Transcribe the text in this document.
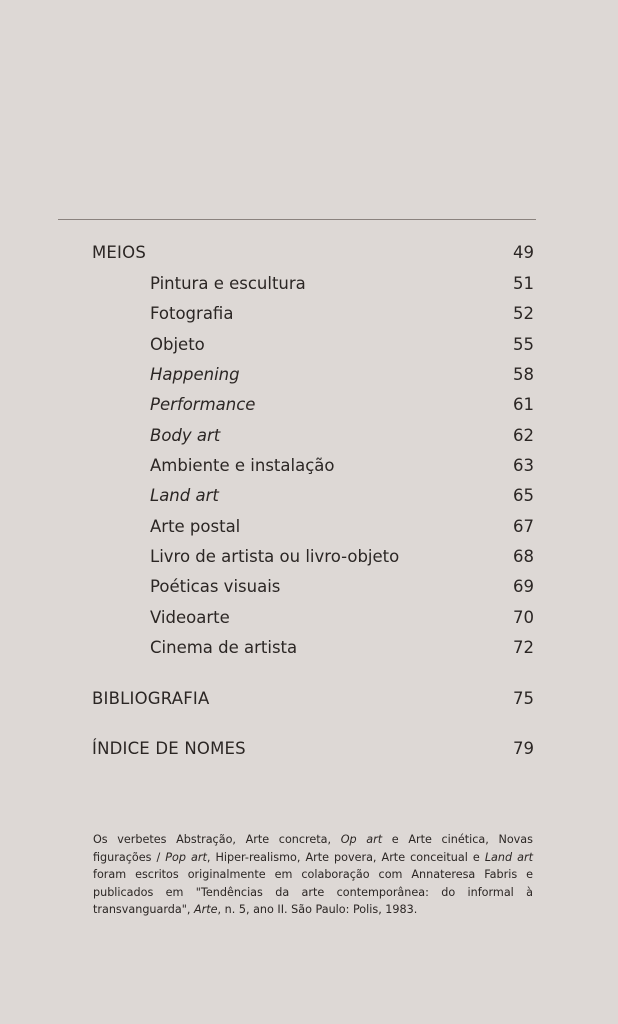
MEIOS	49
Pintura e escultura	51
Fotografia	52
Objeto	55
Happening	58
Performance	61
Body art	62
Ambiente e instalação	63
Land art	65
Arte postal	67
Livro de artista ou livro-objeto	68
Poéticas visuais	69
Videoarte	70
Cinema de artista	72
BIBLIOGRAFIA	75
ÍNDICE DE NOMES	79
Os verbetes Abstração, Arte concreta, Op art e Arte cinética, Novas figurações / Pop art, Hiper-realismo, Arte povera, Arte conceitual e Land art foram escritos originalmente em colaboração com Annateresa Fabris e publicados em "Tendências da arte contemporânea: do informal à transvanguarda", Arte, n. 5, ano II. São Paulo: Polis, 1983.
